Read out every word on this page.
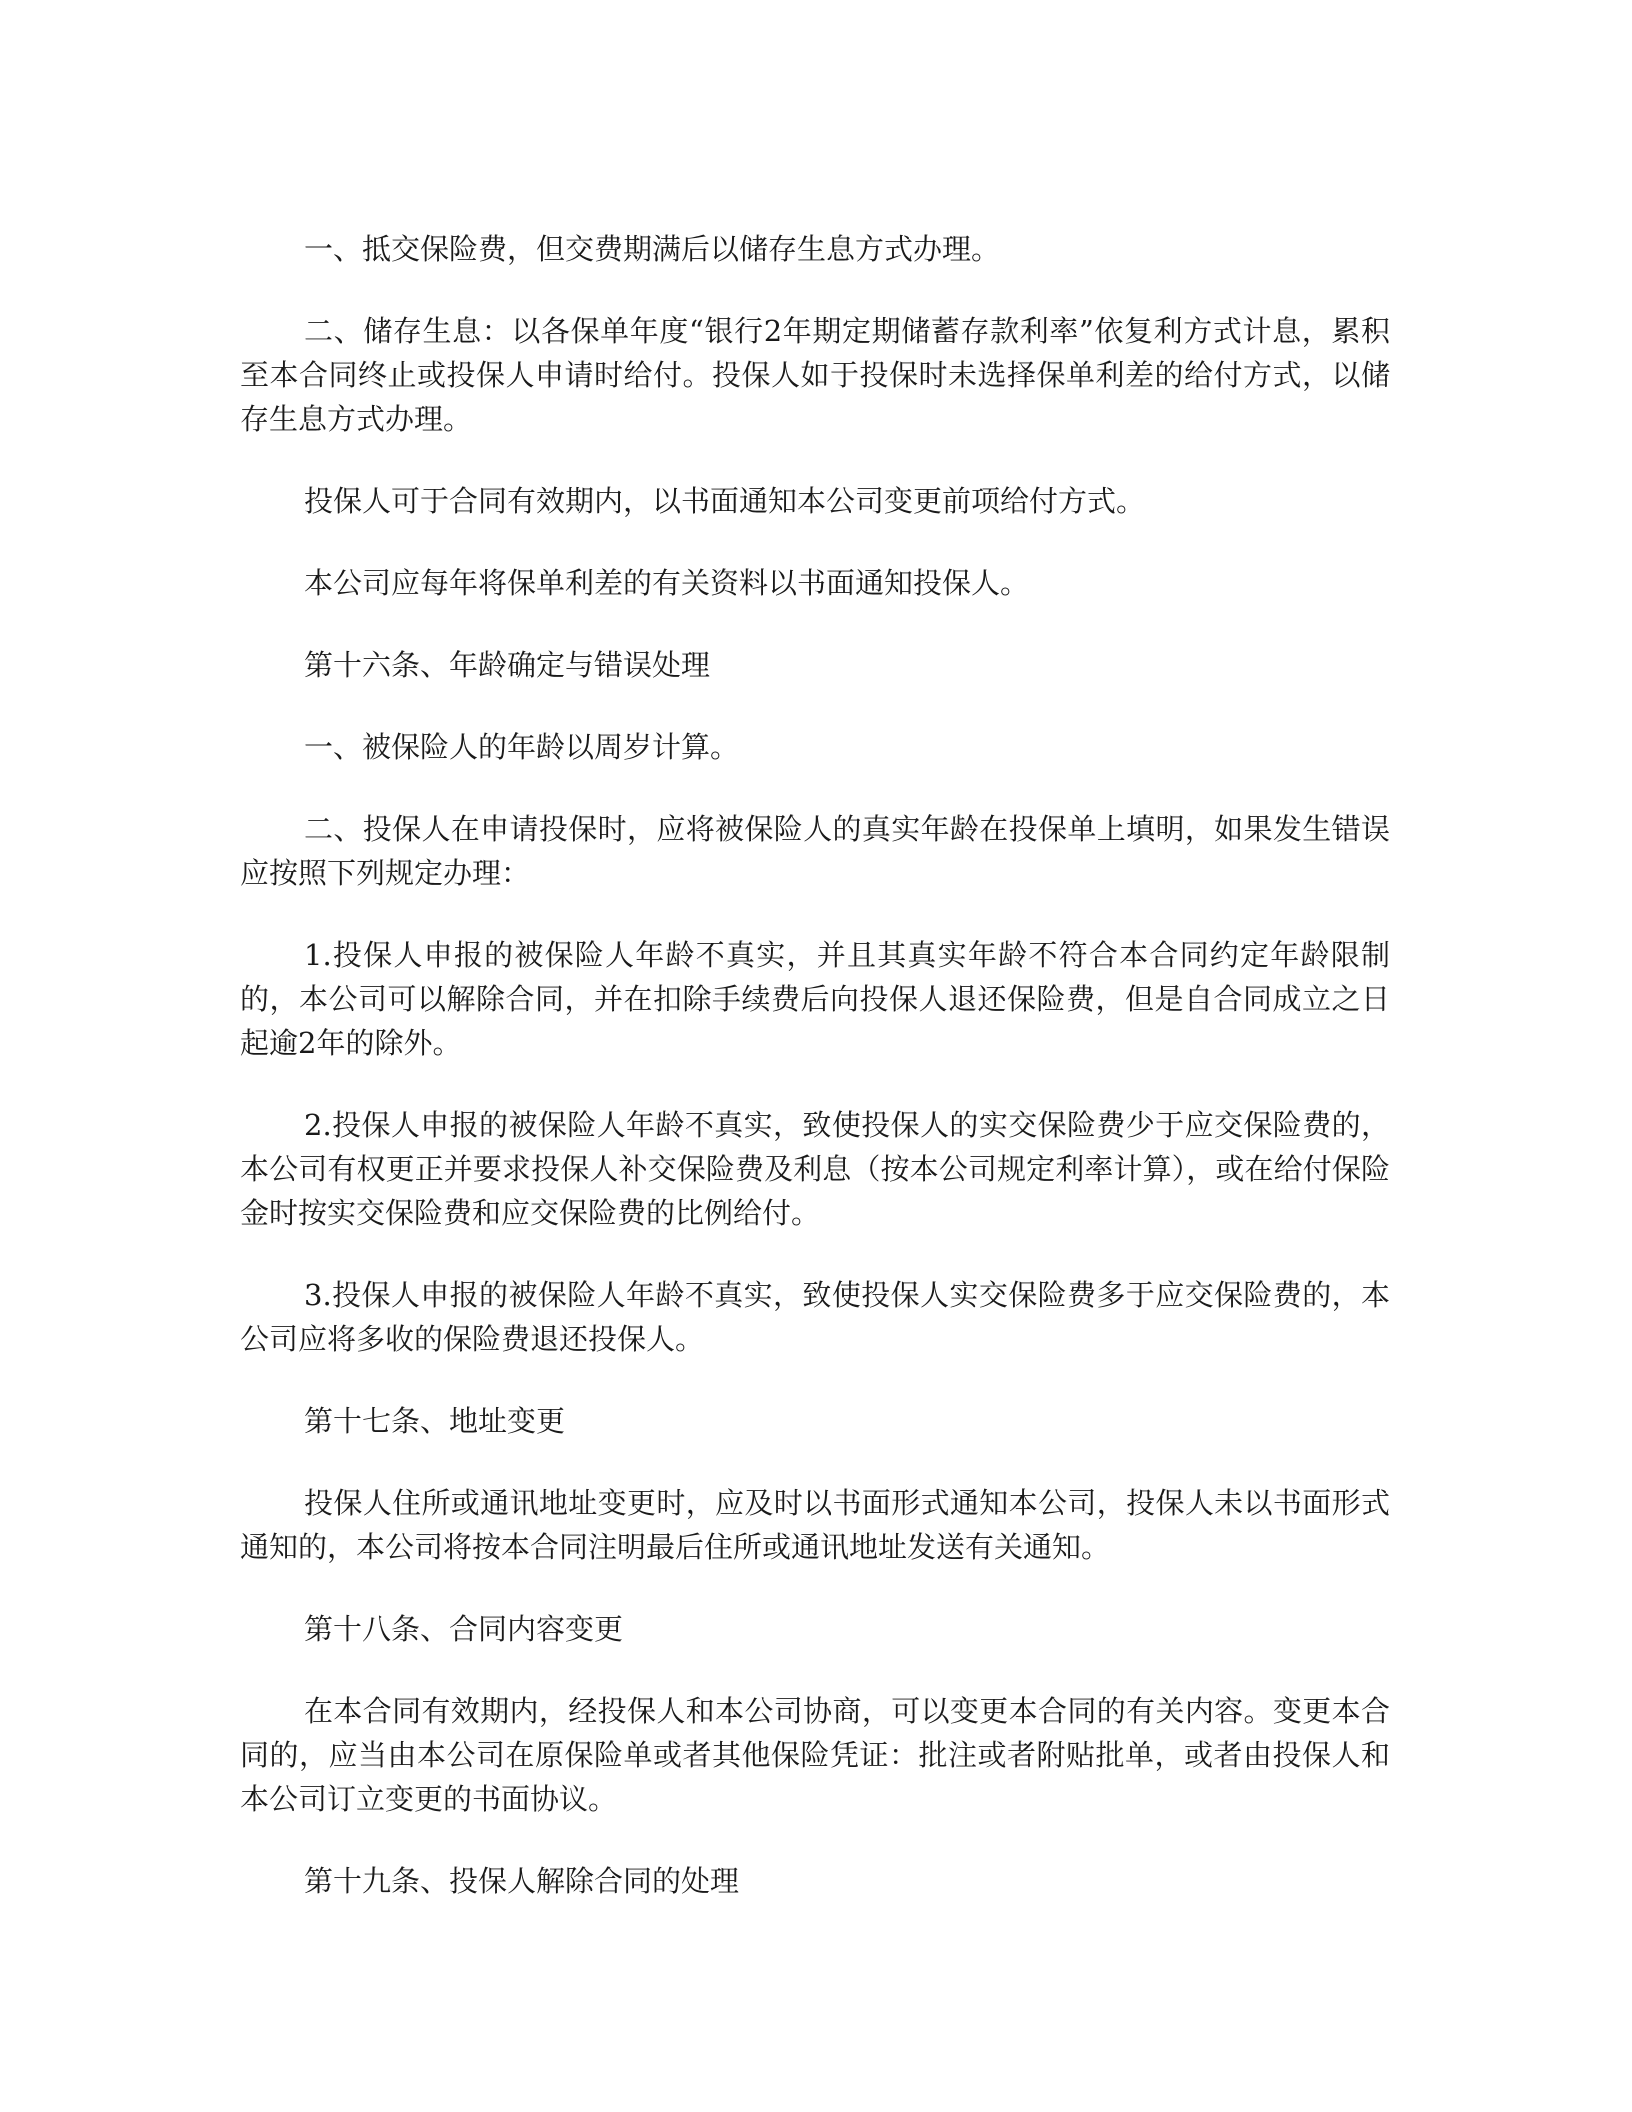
一、抵交保险费，但交费期满后以储存生息方式办理。

二、储存生息：以各保单年度“银行2年期定期储蓄存款利率”依复利方式计息，累积至本合同终止或投保人申请时给付。投保人如于投保时未选择保单利差的给付方式，以储存生息方式办理。

投保人可于合同有效期内，以书面通知本公司变更前项给付方式。

本公司应每年将保单利差的有关资料以书面通知投保人。

第十六条、年龄确定与错误处理

一、被保险人的年龄以周岁计算。

二、投保人在申请投保时，应将被保险人的真实年龄在投保单上填明，如果发生错误应按照下列规定办理：

1.投保人申报的被保险人年龄不真实，并且其真实年龄不符合本合同约定年龄限制的，本公司可以解除合同，并在扣除手续费后向投保人退还保险费，但是自合同成立之日起逾2年的除外。

2.投保人申报的被保险人年龄不真实，致使投保人的实交保险费少于应交保险费的，本公司有权更正并要求投保人补交保险费及利息（按本公司规定利率计算），或在给付保险金时按实交保险费和应交保险费的比例给付。

3.投保人申报的被保险人年龄不真实，致使投保人实交保险费多于应交保险费的，本公司应将多收的保险费退还投保人。

第十七条、地址变更

投保人住所或通讯地址变更时，应及时以书面形式通知本公司，投保人未以书面形式通知的，本公司将按本合同注明最后住所或通讯地址发送有关通知。

第十八条、合同内容变更

在本合同有效期内，经投保人和本公司协商，可以变更本合同的有关内容。变更本合同的，应当由本公司在原保险单或者其他保险凭证：批注或者附贴批单，或者由投保人和本公司订立变更的书面协议。

第十九条、投保人解除合同的处理
